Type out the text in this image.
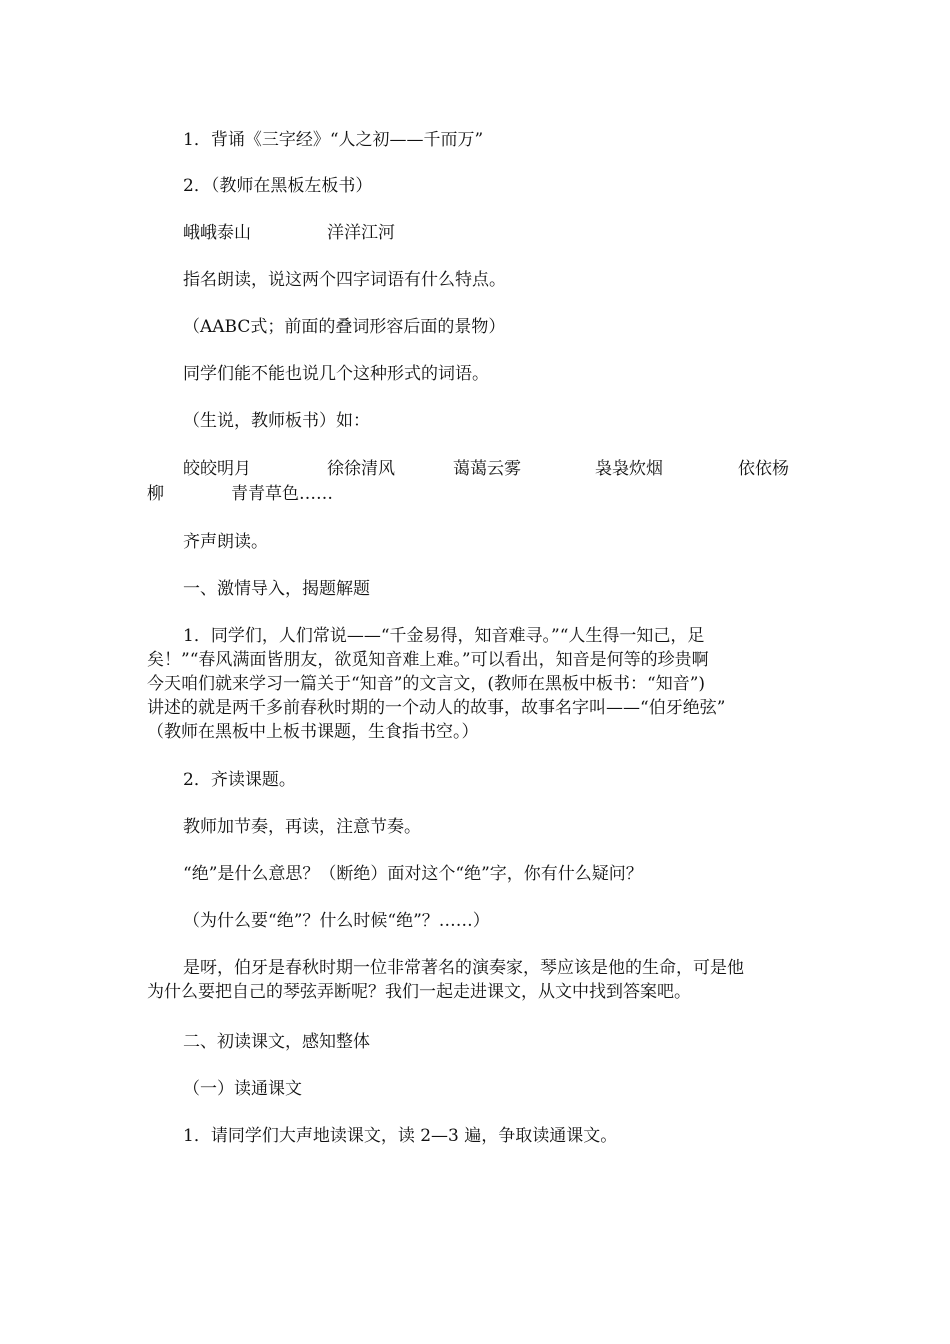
1．背诵《三字经》“人之初——千而万”
2．（教师在黑板左板书）
峨峨泰山	洋洋江河
指名朗读，说这两个四字词语有什么特点。
（AABC式；前面的叠词形容后面的景物）
同学们能不能也说几个这种形式的词语。
（生说，教师板书）如：
皎皎明月	徐徐清风	蔼蔼云雾	袅袅炊烟	依依杨
柳	青青草色……
齐声朗读。
一、激情导入，揭题解题
1．同学们，人们常说——“千金易得，知音难寻。”“人生得一知己，足
矣！”“春风满面皆朋友，欲觅知音难上难。”可以看出，知音是何等的珍贵啊
今天咱们就来学习一篇关于“知音”的文言文，(教师在黑板中板书：“知音”)
讲述的就是两千多前春秋时期的一个动人的故事，故事名字叫——“伯牙绝弦”
（教师在黑板中上板书课题，生食指书空。）
2．齐读课题。
教师加节奏，再读，注意节奏。
“绝”是什么意思？（断绝）面对这个“绝”字，你有什么疑问？
（为什么要“绝”？什么时候“绝”？……）
是呀，伯牙是春秋时期一位非常著名的演奏家，琴应该是他的生命，可是他
为什么要把自己的琴弦弄断呢？我们一起走进课文，从文中找到答案吧。
二、初读课文，感知整体
（一）读通课文
1．请同学们大声地读课文，读 2—3 遍，争取读通课文。
